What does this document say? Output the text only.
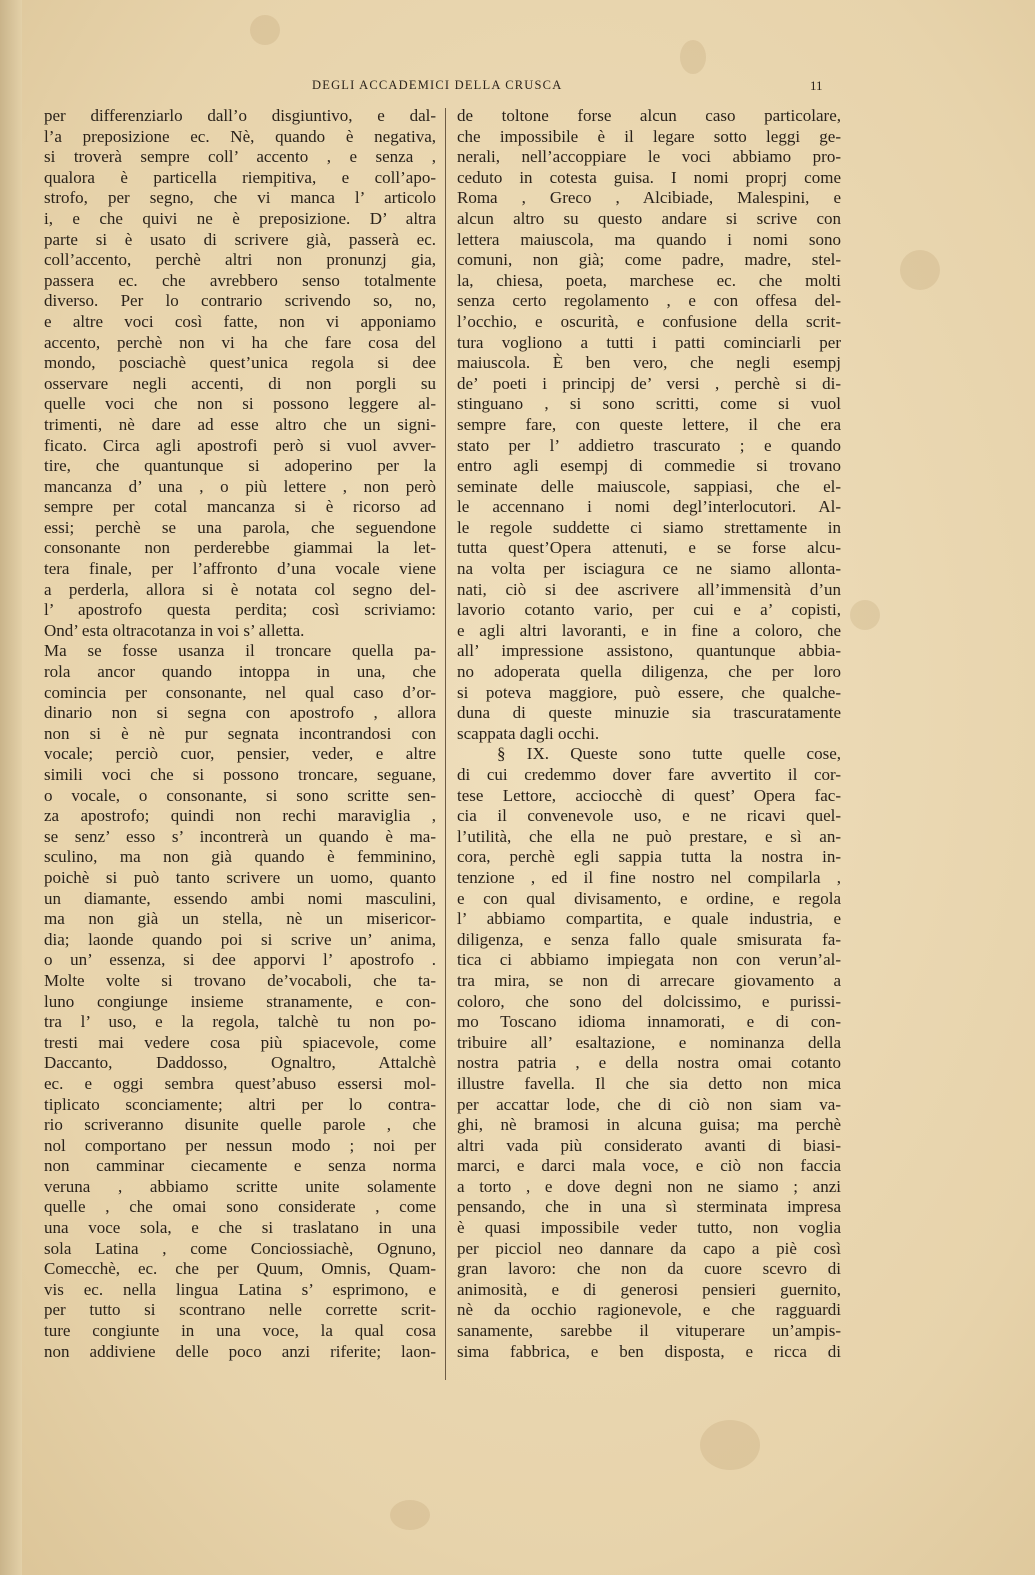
DEGLI ACCADEMICI DELLA CRUSCA	11
per differenziarlo dall’o disgiuntivo, e dal-
l’a preposizione ec. Nè, quando è negativa,
si troverà sempre coll’ accento , e senza ,
qualora è particella riempitiva, e coll’apo-
strofo, per segno, che vi manca l’ articolo
i, e che quivi ne è preposizione. D’ altra
parte si è usato di scrivere già, passerà ec.
coll’accento, perchè altri non pronunzj gia,
passera ec. che avrebbero senso totalmente
diverso. Per lo contrario scrivendo so, no,
e altre voci così fatte, non vi apponiamo
accento, perchè non vi ha che fare cosa del
mondo, posciachè quest’unica regola si dee
osservare negli accenti, di non porgli su
quelle voci che non si possono leggere al-
trimenti, nè dare ad esse altro che un signi-
ficato. Circa agli apostrofi però si vuol avver-
tire, che quantunque si adoperino per la
mancanza d’ una , o più lettere , non però
sempre per cotal mancanza si è ricorso ad
essi; perchè se una parola, che seguendone
consonante non perderebbe giammai la let-
tera finale, per l’affronto d’una vocale viene
a perderla, allora si è notata col segno del-
l’ apostrofo questa perdita; così scriviamo:
Ond’ esta oltracotanza in voi s’ alletta.
Ma se fosse usanza il troncare quella pa-
rola ancor quando intoppa in una, che
comincia per consonante, nel qual caso d’or-
dinario non si segna con apostrofo , allora
non si è nè pur segnata incontrandosi con
vocale; perciò cuor, pensier, veder, e altre
simili voci che si possono troncare, seguane,
o vocale, o consonante, si sono scritte sen-
za apostrofo; quindi non rechi maraviglia ,
se senz’ esso s’ incontrerà un quando è ma-
sculino, ma non già quando è femminino,
poichè si può tanto scrivere un uomo, quanto
un diamante, essendo ambi nomi masculini,
ma non già un stella, nè un misericor-
dia; laonde quando poi si scrive un’ anima,
o un’ essenza, si dee apporvi l’ apostrofo .
Molte volte si trovano de’vocaboli, che ta-
luno congiunge insieme stranamente, e con-
tra l’ uso, e la regola, talchè tu non po-
tresti mai vedere cosa più spiacevole, come
Daccanto, Daddosso, Ognaltro, Attalchè
ec. e oggi sembra quest’abuso essersi mol-
tiplicato sconciamente; altri per lo contra-
rio scriveranno disunite quelle parole , che
nol comportano per nessun modo ; noi per
non camminar ciecamente e senza norma
veruna , abbiamo scritte unite solamente
quelle , che omai sono considerate , come
una voce sola, e che si traslatano in una
sola Latina , come Conciossiachè, Ognuno,
Comecchè, ec. che per Quum, Omnis, Quam-
vis ec. nella lingua Latina s’ esprimono, e
per tutto si scontrano nelle corrette scrit-
ture congiunte in una voce, la qual cosa
non addiviene delle poco anzi riferite; laon-
de toltone forse alcun caso particolare,
che impossibile è il legare sotto leggi ge-
nerali, nell’accoppiare le voci abbiamo pro-
ceduto in cotesta guisa. I nomi proprj come
Roma , Greco , Alcibiade, Malespini, e
alcun altro su questo andare si scrive con
lettera maiuscola, ma quando i nomi sono
comuni, non già; come padre, madre, stel-
la, chiesa, poeta, marchese ec. che molti
senza certo regolamento , e con offesa del-
l’occhio, e oscurità, e confusione della scrit-
tura vogliono a tutti i patti cominciarli per
maiuscola. È ben vero, che negli esempj
de’ poeti i principj de’ versi , perchè si di-
stinguano , si sono scritti, come si vuol
sempre fare, con queste lettere, il che era
stato per l’ addietro trascurato ; e quando
entro agli esempj di commedie si trovano
seminate delle maiuscole, sappiasi, che el-
le accennano i nomi degl’interlocutori. Al-
le regole suddette ci siamo strettamente in
tutta quest’Opera attenuti, e se forse alcu-
na volta per isciagura ce ne siamo allonta-
nati, ciò si dee ascrivere all’immensità d’un
lavorio cotanto vario, per cui e a’ copisti,
e agli altri lavoranti, e in fine a coloro, che
all’ impressione assistono, quantunque abbia-
no adoperata quella diligenza, che per loro
si poteva maggiore, può essere, che qualche-
duna di queste minuzie sia trascuratamente
scappata dagli occhi.
§ IX. Queste sono tutte quelle cose,
di cui credemmo dover fare avvertito il cor-
tese Lettore, acciocchè di quest’ Opera fac-
cia il convenevole uso, e ne ricavi quel-
l’utilità, che ella ne può prestare, e sì an-
cora, perchè egli sappia tutta la nostra in-
tenzione , ed il fine nostro nel compilarla ,
e con qual divisamento, e ordine, e regola
l’ abbiamo compartita, e quale industria, e
diligenza, e senza fallo quale smisurata fa-
tica ci abbiamo impiegata non con verun’al-
tra mira, se non di arrecare giovamento a
coloro, che sono del dolcissimo, e purissi-
mo Toscano idioma innamorati, e di con-
tribuire all’ esaltazione, e nominanza della
nostra patria , e della nostra omai cotanto
illustre favella. Il che sia detto non mica
per accattar lode, che di ciò non siam va-
ghi, nè bramosi in alcuna guisa; ma perchè
altri vada più considerato avanti di biasi-
marci, e darci mala voce, e ciò non faccia
a torto , e dove degni non ne siamo ; anzi
pensando, che in una sì sterminata impresa
è quasi impossibile veder tutto, non voglia
per picciol neo dannare da capo a piè così
gran lavoro: che non da cuore scevro di
animosità, e di generosi pensieri guernito,
nè da occhio ragionevole, e che ragguardi
sanamente, sarebbe il vituperare un’ampis-
sima fabbrica, e ben disposta, e ricca di
